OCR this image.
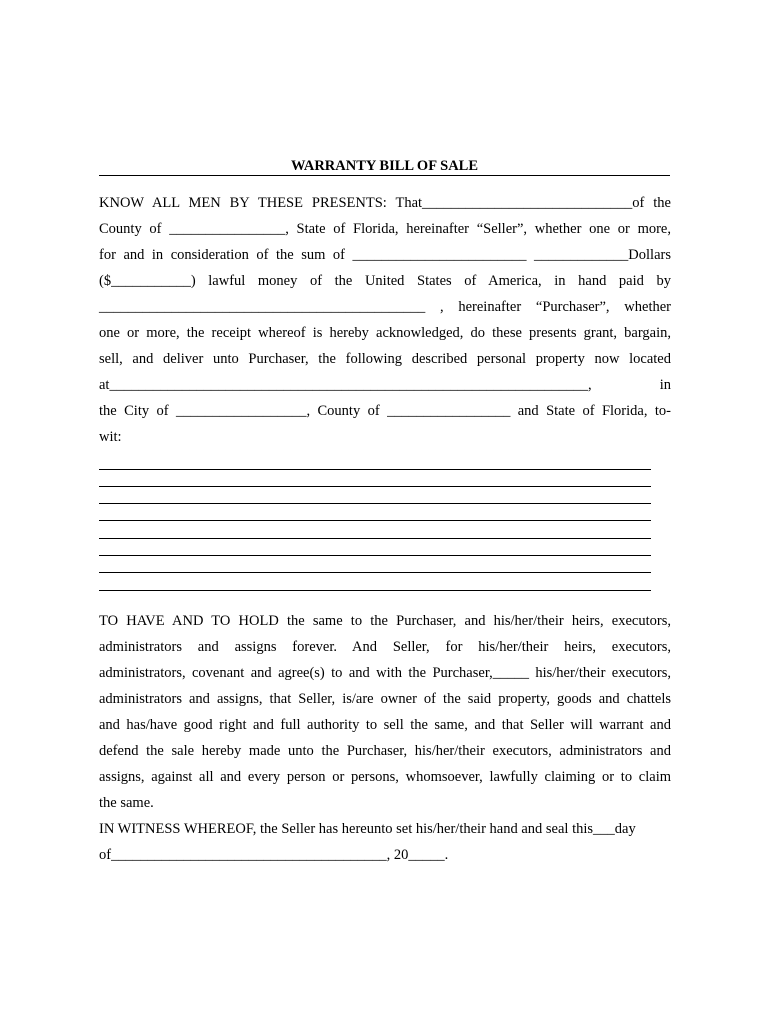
WARRANTY BILL OF SALE
KNOW ALL MEN BY THESE PRESENTS: That_____________________________of the
County of ________________, State of Florida, hereinafter “Seller”, whether one or more,
for and in consideration of the sum of ________________________ _____________Dollars
($___________) lawful money of the United States of America, in hand paid by
_____________________________________________ , hereinafter “Purchaser”, whether
one or more, the receipt whereof is hereby acknowledged, do these presents grant, bargain,
sell, and deliver unto Purchaser, the following described personal property now located
at__________________________________________________________________, in
the City of __________________, County of _________________ and State of Florida, to-
wit:
TO HAVE AND TO HOLD the same to the Purchaser, and his/her/their heirs, executors,
administrators and assigns forever. And Seller, for his/her/their heirs, executors,
administrators, covenant and agree(s) to and with the Purchaser,_____ his/her/their executors,
administrators and assigns, that Seller, is/are owner of the said property, goods and chattels
and has/have good right and full authority to sell the same, and that Seller will warrant and
defend the sale hereby made unto the Purchaser, his/her/their executors, administrators and
assigns, against all and every person or persons, whomsoever, lawfully claiming or to claim
the same.
IN WITNESS WHEREOF, the Seller has hereunto set his/her/their hand and seal this___day
of______________________________________, 20_____.
